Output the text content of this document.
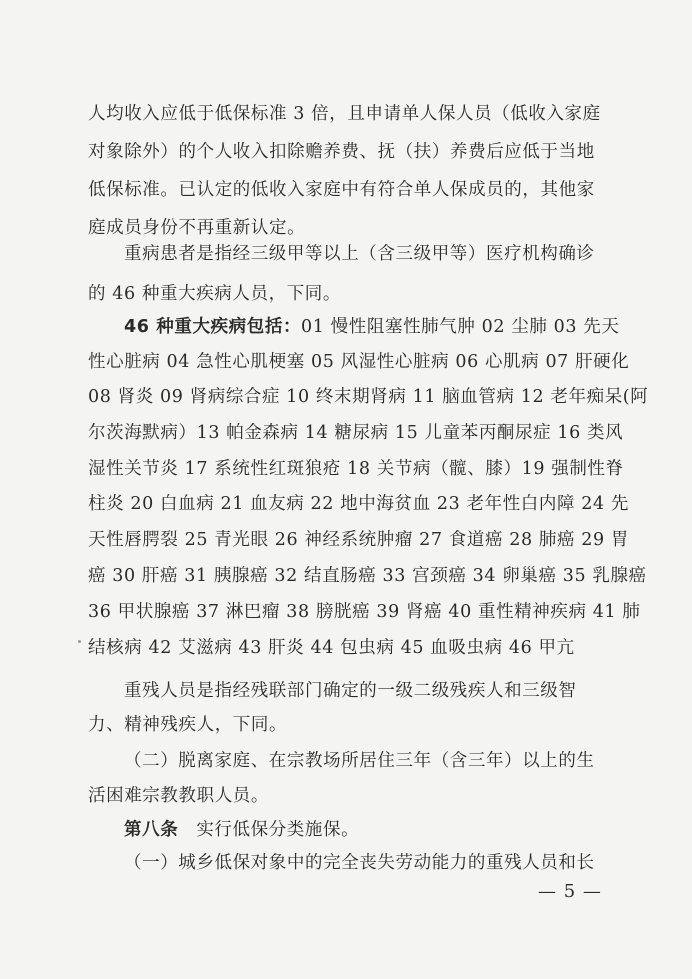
人均收入应低于低保标准 3 倍，且申请单人保人员（低收入家庭
对象除外）的个人收入扣除赡养费、抚（扶）养费后应低于当地
低保标准。已认定的低收入家庭中有符合单人保成员的，其他家
庭成员身份不再重新认定。
重病患者是指经三级甲等以上（含三级甲等）医疗机构确诊
的 46 种重大疾病人员，下同。
46 种重大疾病包括：01 慢性阻塞性肺气肿 02 尘肺 03 先天
性心脏病 04 急性心肌梗塞 05 风湿性心脏病 06 心肌病 07 肝硬化
08 肾炎 09 肾病综合症 10 终末期肾病 11 脑血管病 12 老年痴呆(阿
尔茨海默病）13 帕金森病 14 糖尿病 15 儿童苯丙酮尿症 16 类风
湿性关节炎 17 系统性红斑狼疮 18 关节病（髋、膝）19 强制性脊
柱炎 20 白血病 21 血友病 22 地中海贫血 23 老年性白内障 24 先
天性唇腭裂 25 青光眼 26 神经系统肿瘤 27 食道癌 28 肺癌 29 胃
癌 30 肝癌 31 胰腺癌 32 结直肠癌 33 宫颈癌 34 卵巢癌 35 乳腺癌
36 甲状腺癌 37 淋巴瘤 38 膀胱癌 39 肾癌 40 重性精神疾病 41 肺
结核病 42 艾滋病 43 肝炎 44 包虫病 45 血吸虫病 46 甲亢
重残人员是指经残联部门确定的一级二级残疾人和三级智
力、精神残疾人，下同。
（二）脱离家庭、在宗教场所居住三年（含三年）以上的生
活困难宗教教职人员。
第八条 实行低保分类施保。
（一）城乡低保对象中的完全丧失劳动能力的重残人员和长
— 5 —
